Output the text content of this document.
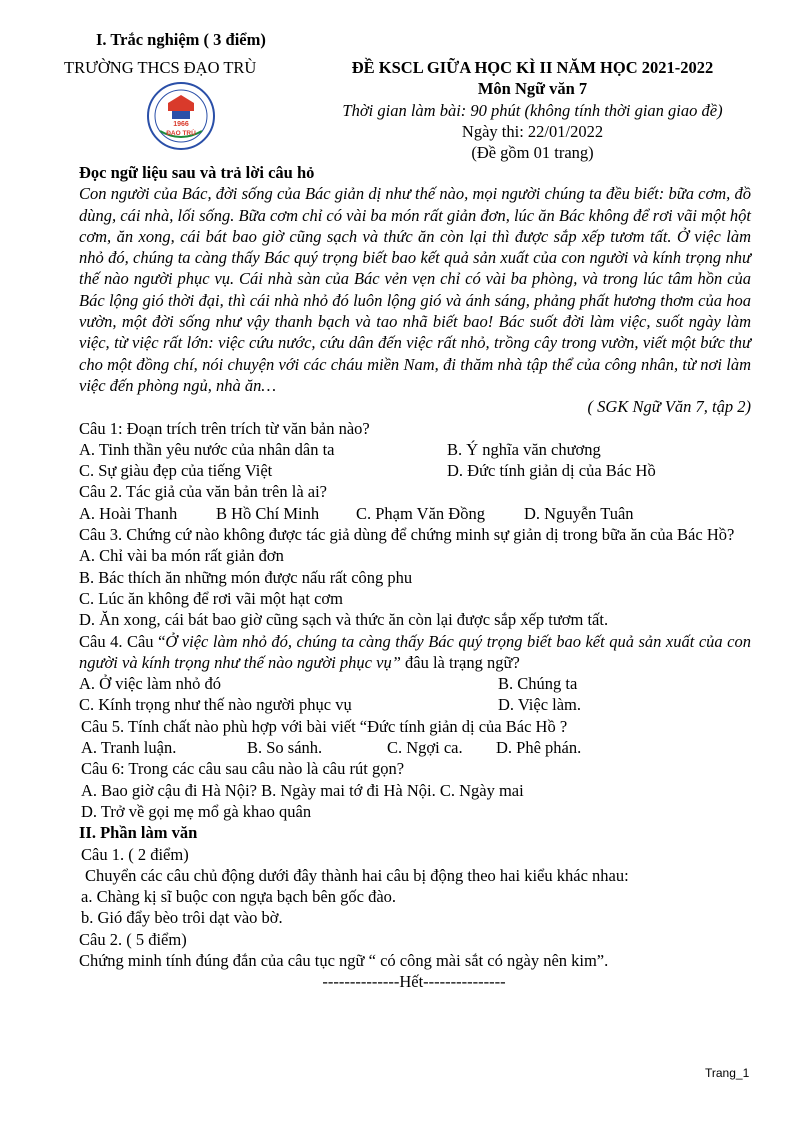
I. Trắc nghiệm ( 3 điểm)
TRƯỜNG THCS ĐẠO TRÙ
1966
ĐẠO TRÙ
ĐỀ KSCL GIỮA HỌC KÌ II NĂM HỌC 2021-2022
Môn Ngữ văn 7
Thời gian làm bài: 90 phút (không tính thời gian giao đề)
Ngày thi: 22/01/2022
(Đề gồm 01 trang)
Đọc ngữ liệu sau và trả lời câu hỏ
Con người của Bác, đời sống của Bác giản dị như thế nào, mọi người chúng ta đều biết: bữa cơm, đồ dùng, cái nhà, lối sống. Bữa cơm chỉ có vài ba món rất giản đơn, lúc ăn Bác không để rơi vãi một hột cơm, ăn xong, cái bát bao giờ cũng sạch và thức ăn còn lại thì được sắp xếp tươm tất. Ở việc làm nhỏ đó, chúng ta càng thấy Bác quý trọng biết bao kết quả sản xuất của con người và kính trọng như thế nào người phục vụ. Cái nhà sàn của Bác vẻn vẹn chỉ có vài ba phòng, và trong lúc tâm hồn của Bác lộng gió thời đại, thì cái nhà nhỏ đó luôn lộng gió và ánh sáng, phảng phất hương thơm của hoa vườn, một đời sống như vậy thanh bạch và tao nhã biết bao! Bác suốt đời làm việc, suốt ngày làm việc, từ việc rất lớn: việc cứu nước, cứu dân đến việc rất nhỏ, trồng cây trong vườn, viết một bức thư cho một đồng chí, nói chuyện với các cháu miền Nam, đi thăm nhà tập thể của công nhân, từ nơi làm việc đến phòng ngủ, nhà ăn…
( SGK Ngữ Văn 7, tập 2)
Câu 1: Đoạn trích trên trích từ văn bản nào?
A. Tinh thần yêu nước của nhân dân ta	B. Ý nghĩa văn chương
C. Sự giàu đẹp của tiếng Việt	D. Đức tính giản dị của Bác Hồ
Câu 2. Tác giả của văn bản trên là ai?
A. Hoài Thanh	B Hồ Chí Minh	C. Phạm Văn Đồng	D. Nguyễn Tuân
Câu 3. Chứng cứ nào không được tác giả dùng để chứng minh sự giản dị trong bữa ăn của Bác Hồ?
A. Chỉ vài ba món rất giản đơn
B. Bác thích ăn những món được nấu rất công phu
C. Lúc ăn không để rơi vãi một hạt cơm
D. Ăn xong, cái bát bao giờ cũng sạch và thức ăn còn lại được sắp xếp tươm tất.
Câu 4. Câu “Ở việc làm nhỏ đó, chúng ta càng thấy Bác quý trọng biết bao kết quả sản xuất của con người và kính trọng như thế nào người phục vụ” đâu là trạng ngữ?
A. Ở việc làm nhỏ đó	B. Chúng ta
C. Kính trọng như thế nào người phục vụ	D. Việc làm.
Câu 5. Tính chất nào phù hợp với bài viết “Đức tính giản dị của Bác Hồ ?
A. Tranh luận.	B. So sánh.	C. Ngợi ca.	D. Phê phán.
Câu 6: Trong các câu sau câu nào là câu rút gọn?
A. Bao giờ cậu đi Hà Nội? B. Ngày mai tớ đi Hà Nội. C. Ngày mai
D. Trở về gọi mẹ mổ gà khao quân
II. Phần làm văn
Câu 1. ( 2 điểm)
Chuyển các câu chủ động dưới đây thành hai câu bị động theo hai kiểu khác nhau:
a. Chàng kị sĩ buộc con ngựa bạch bên gốc đào.
b. Gió đẩy bèo trôi dạt vào bờ.
Câu 2. ( 5 điểm)
Chứng minh tính đúng đắn của câu tục ngữ “ có công mài sắt có ngày nên kim”.
--------------Hết---------------
Trang_1
